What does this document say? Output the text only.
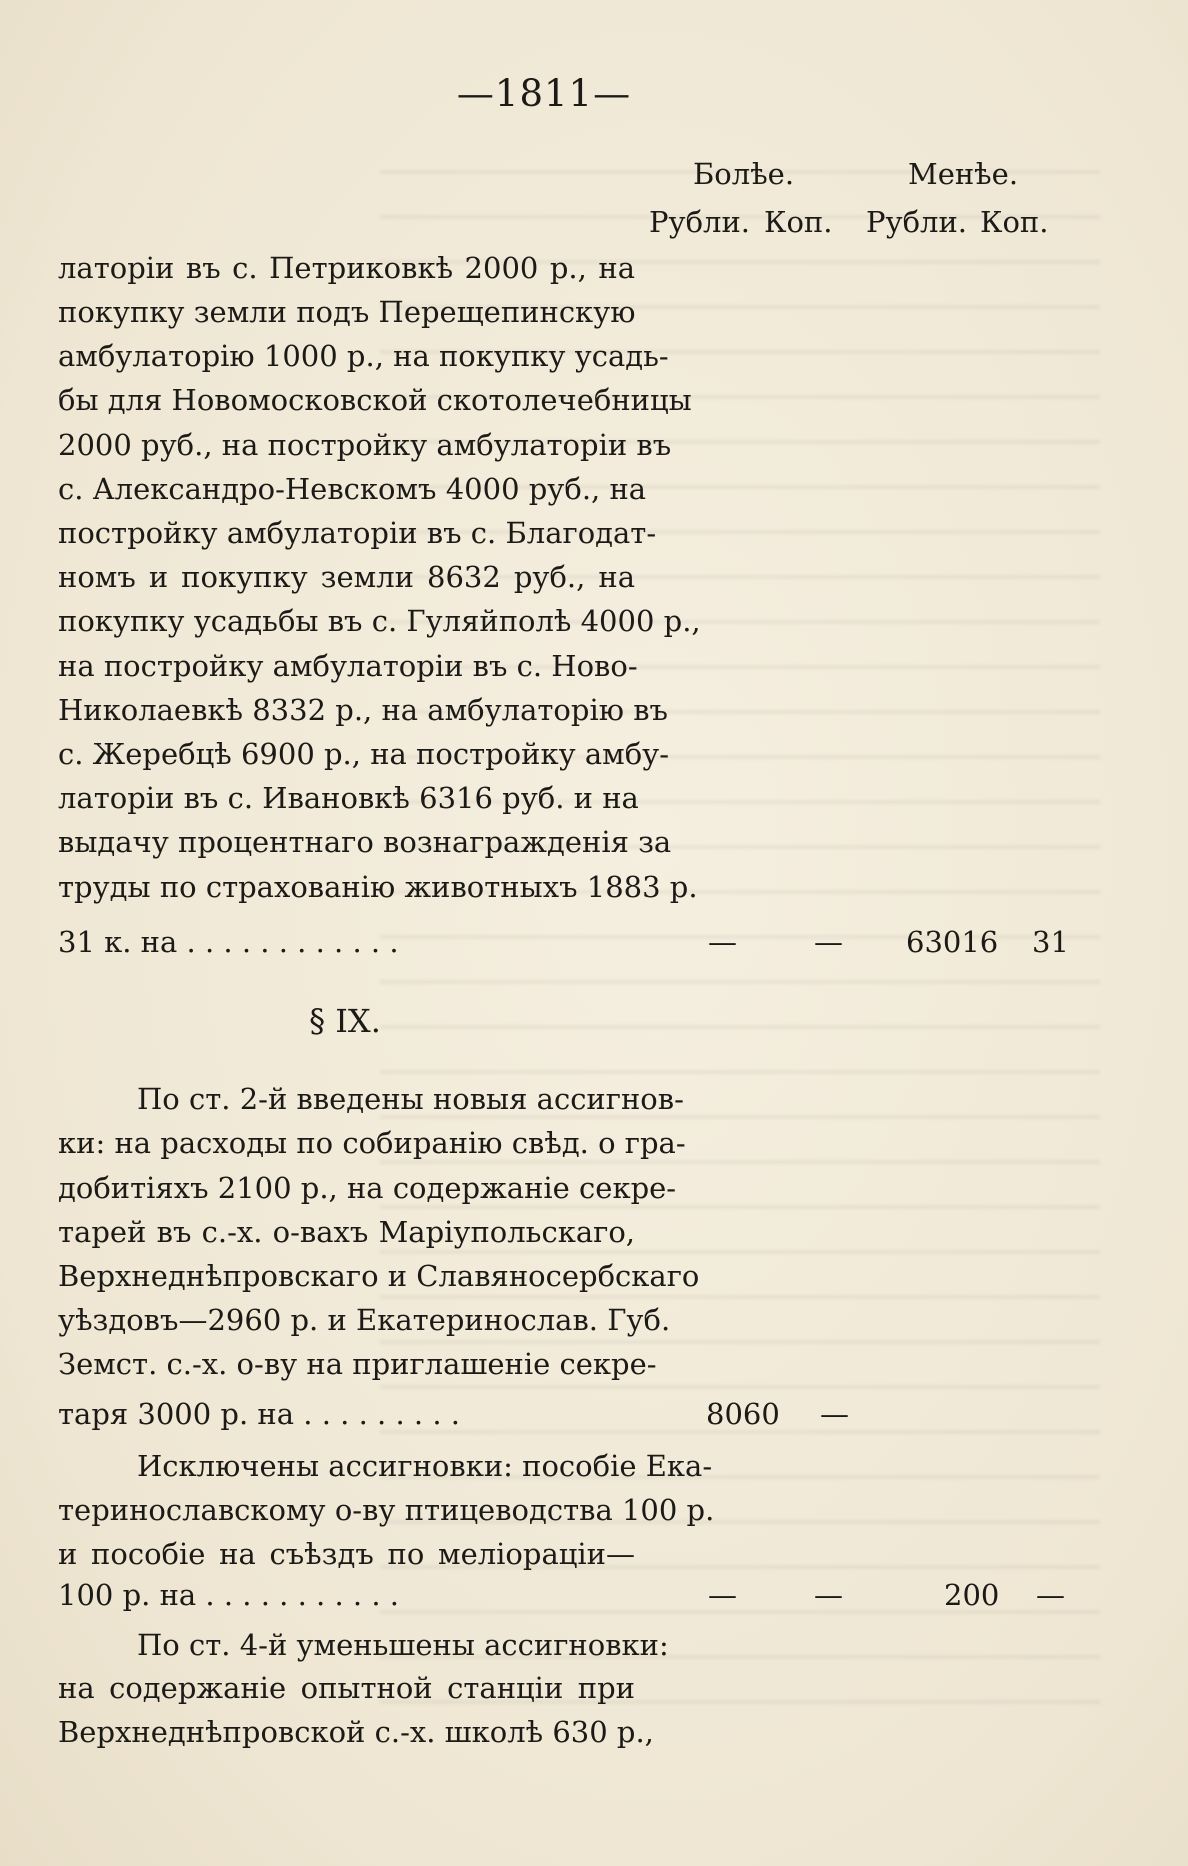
—1811—
Болѣе.	Менѣе.
Рубли. Коп. Рубли. Коп.
латоріи въ с. Петриковкѣ 2000 р., на
покупку земли подъ Перещепинскую
амбулаторію 1000 р., на покупку усадь-
бы для Новомосковской скотолечебницы
2000 руб., на постройку амбулаторіи въ
с. Александро-Невскомъ 4000 руб., на
постройку амбулаторіи въ с. Благодат-
номъ и покупку земли 8632 руб., на
покупку усадьбы въ с. Гуляйполѣ 4000 р.,
на постройку амбулаторіи въ с. Ново-
Николаевкѣ 8332 р., на амбулаторію въ
с. Жеребцѣ 6900 р., на постройку амбу-
латоріи въ с. Ивановкѣ 6316 руб. и на
выдачу процентнаго вознагражденія за
труды по страхованію животныхъ 1883 р.
31 к. на . . . . . . . . . . . .	—	— 63016 31
§ IX.
По ст. 2-й введены новыя ассигнов-
ки: на расходы по собиранію свѣд. о гра-
добитіяхъ 2100 р., на содержаніе секре-
тарей въ с.-х. о-вахъ Маріупольскаго,
Верхнеднѣпровскаго и Славяносербскаго
уѣздовъ—2960 р. и Екатеринослав. Губ.
Земст. с.-х. о-ву на приглашеніе секре-
таря 3000 р. на . . . . . . . . .	8060 —
Исключены ассигновки: пособіе Ека-
теринославскому о-ву птицеводства 100 р.
и пособіе на съѣздъ по меліораціи—
100 р. на . . . . . . . . . . .	—	—	200 —
По ст. 4-й уменьшены ассигновки:
на содержаніе опытной станціи при
Верхнеднѣпровской с.-х. школѣ 630 р.,
